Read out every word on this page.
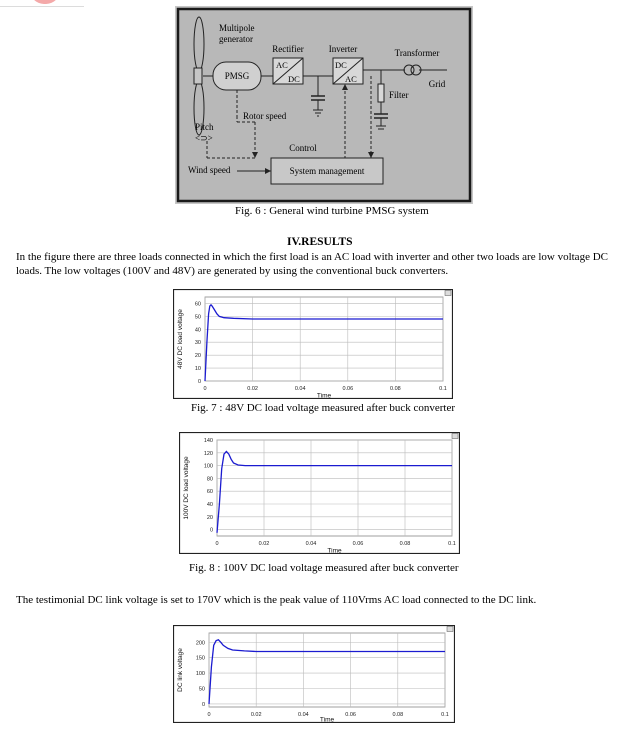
Multipole
generator
PMSG
Rectifier
AC
DC
Inverter
DC
AC
Transformer
Grid
Filter
Rotor speed
Pitch
<⊃>
Control
Wind speed	System management
Fig. 6 : General wind turbine PMSG system
IV.RESULTS
In the figure there are three loads connected in which the first load is an AC load with inverter and other two loads are low voltage DC loads. The low voltages (100V and 48V) are generated by using the conventional buck converters.
0	0.02	0.04	0.06	0.08	0.1
0
10
20
30
40
50
60
Time
48V DC load voltage
Fig. 7 : 48V DC load voltage measured after buck converter
0	0.02	0.04	0.06	0.08	0.1
0
20
40
60
80
100
120
140
Time
100V DC load voltage
Fig. 8 : 100V DC load voltage measured after buck converter
The testimonial DC link voltage is set to 170V which is the peak value of 110Vrms AC load connected to the DC link.
0	0.02	0.04	0.06	0.08	0.1
0
50
100
150
200
Time
DC link voltage
